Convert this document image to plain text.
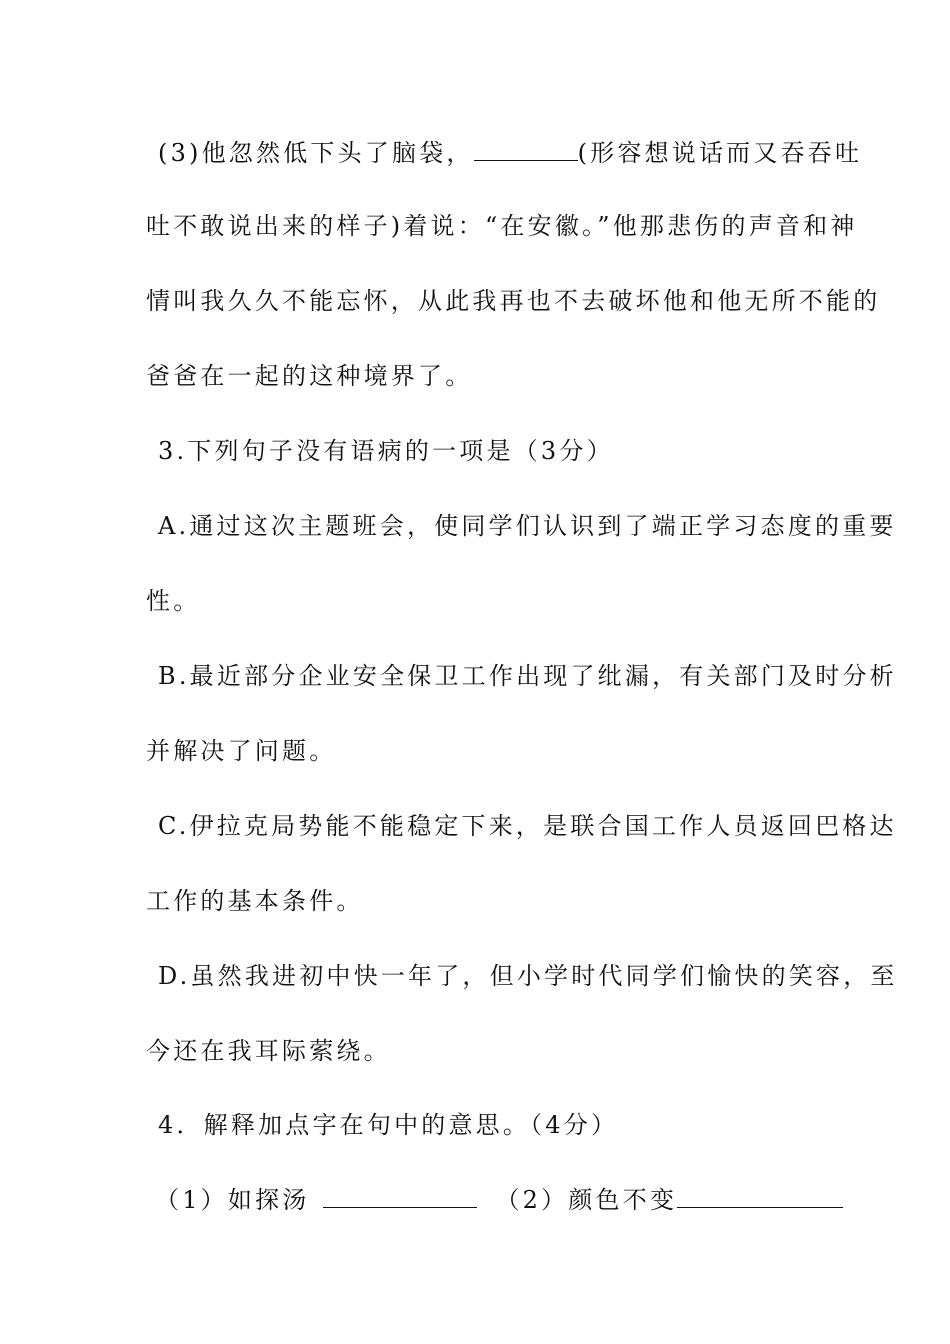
(3)他忽然低下头了脑袋，	(形容想说话而又吞吞吐
吐不敢说出来的样子)着说：“在安徽。”他那悲伤的声音和神
情叫我久久不能忘怀，从此我再也不去破坏他和他无所不能的
爸爸在一起的这种境界了。
3.下列句子没有语病的一项是（3分）
A.通过这次主题班会，使同学们认识到了端正学习态度的重要
性。
B.最近部分企业安全保卫工作出现了纰漏，有关部门及时分析
并解决了问题。
C.伊拉克局势能不能稳定下来，是联合国工作人员返回巴格达
工作的基本条件。
D.虽然我进初中快一年了，但小学时代同学们愉快的笑容，至
今还在我耳际萦绕。
4．解释加点字在句中的意思。（4分）
（1）如探汤	（2）颜色不变
